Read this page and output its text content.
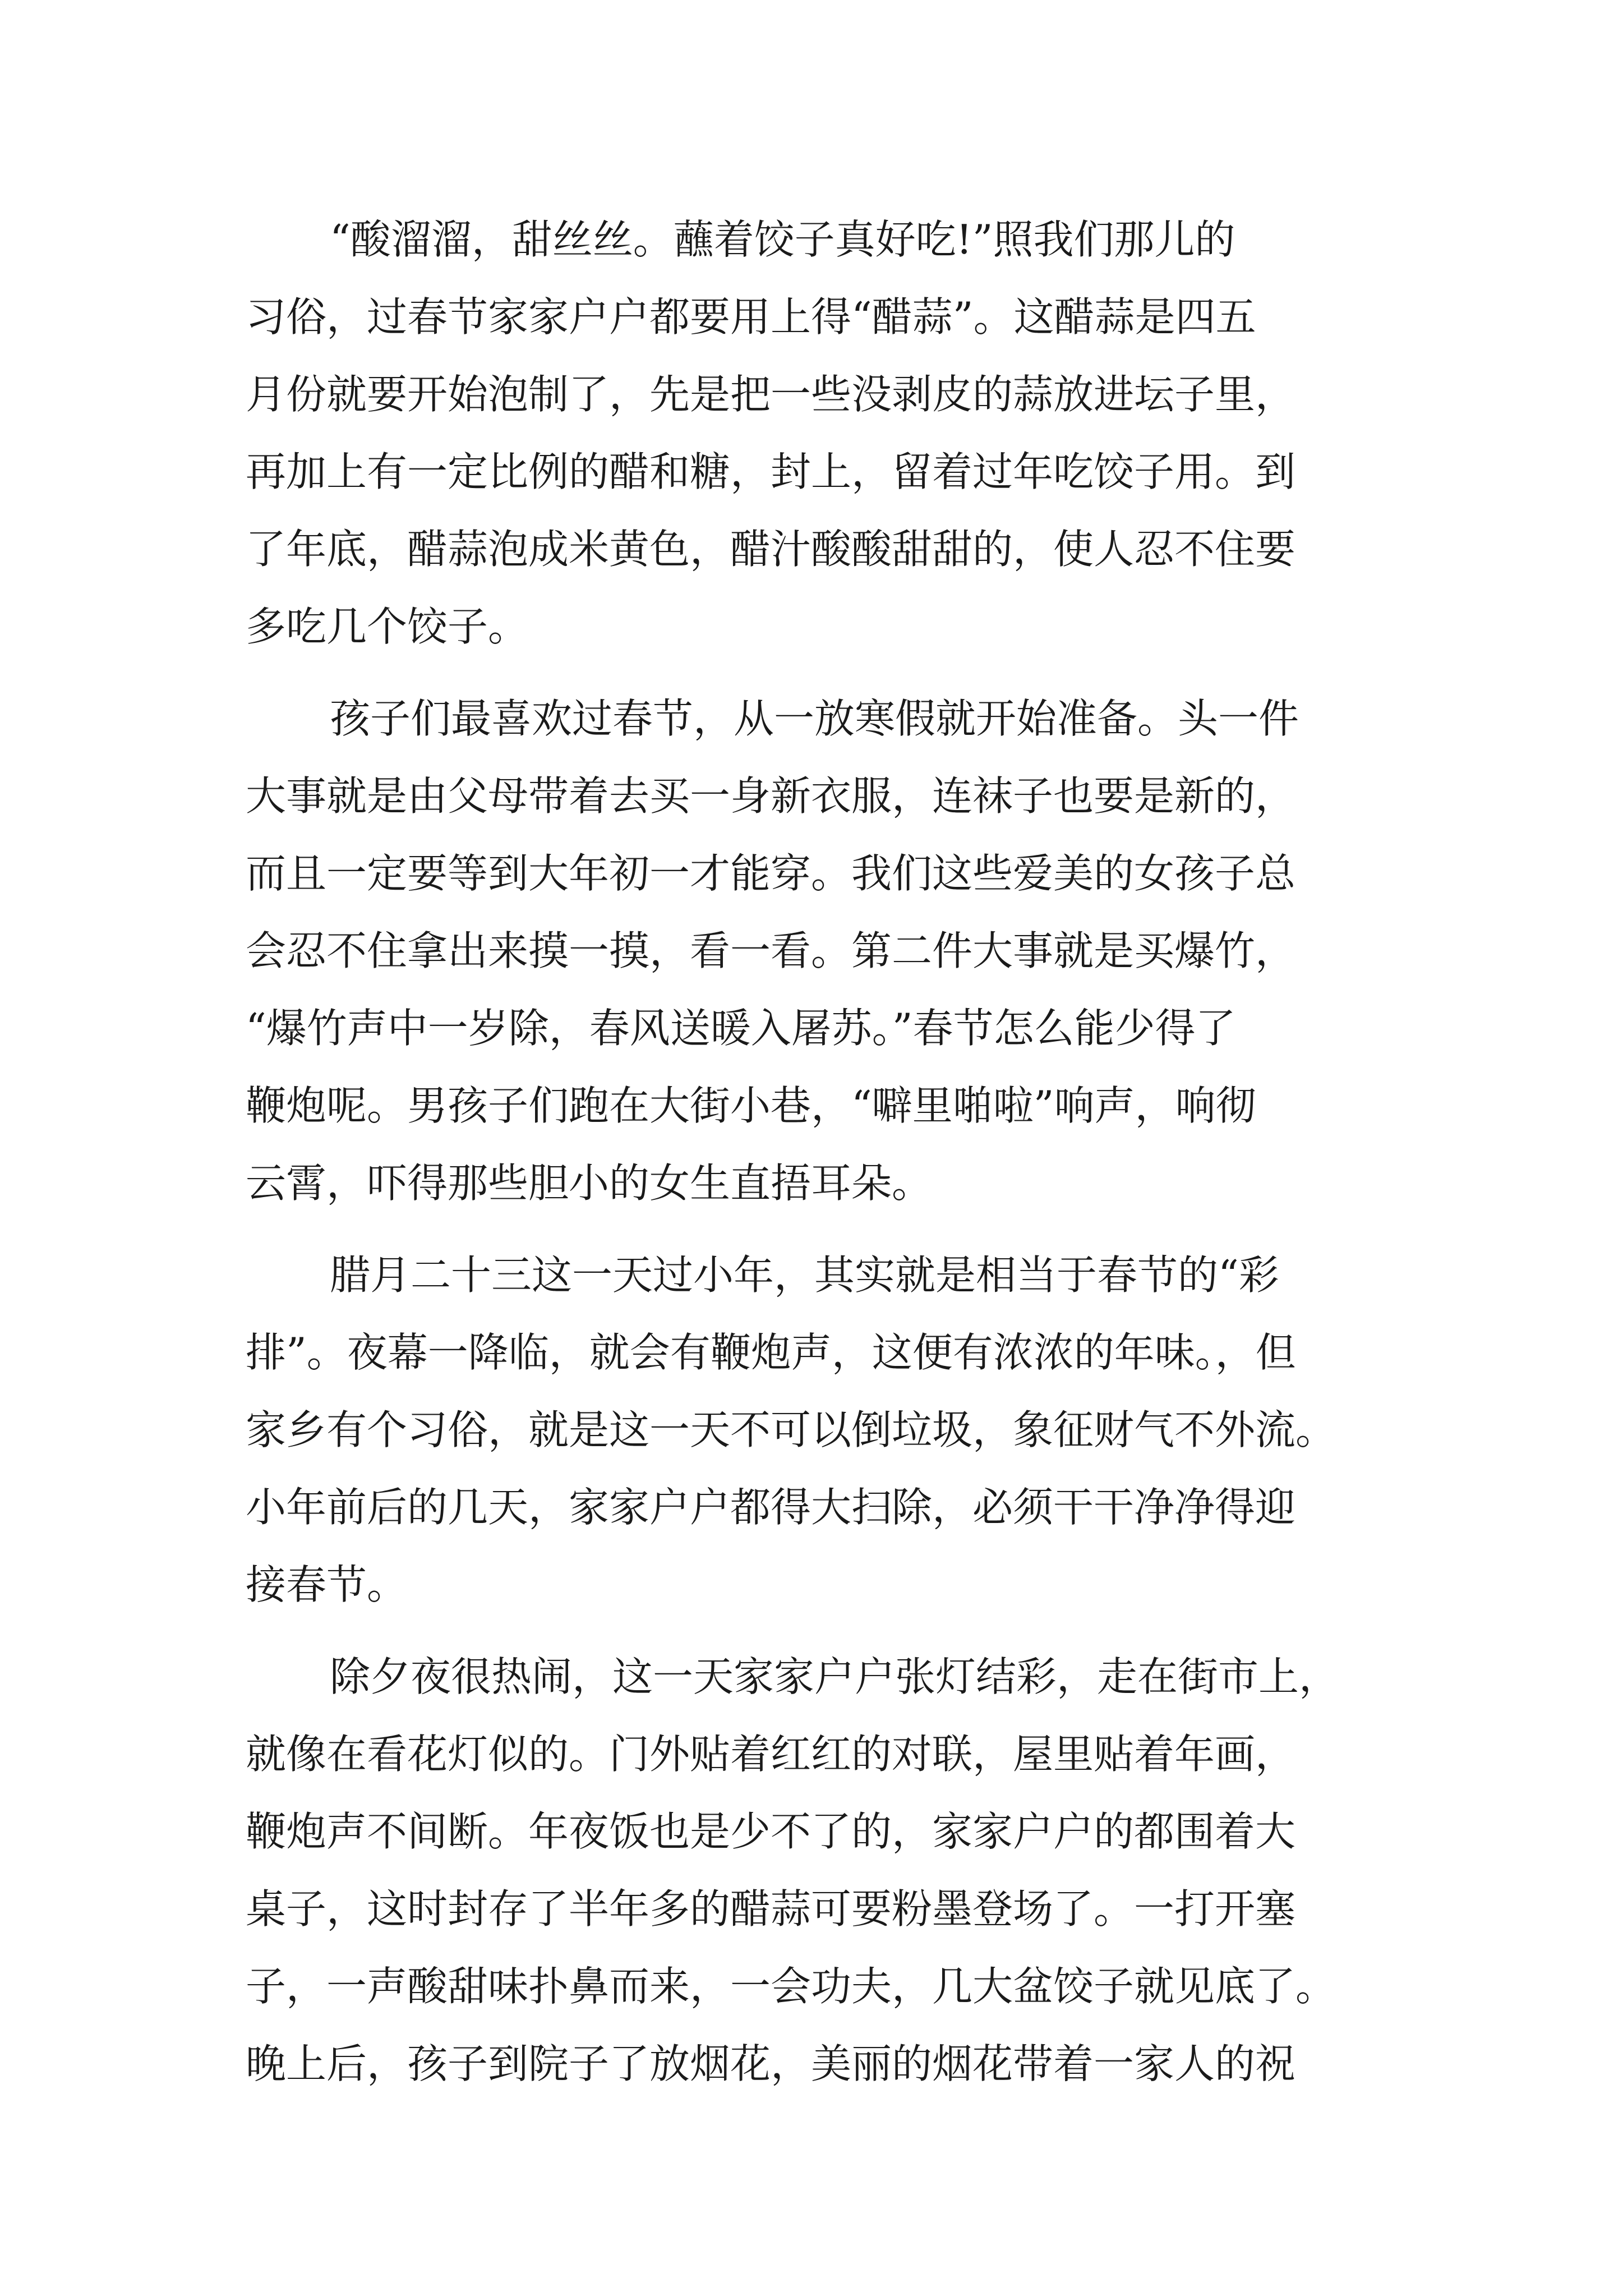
“酸溜溜，甜丝丝。蘸着饺子真好吃!”照我们那儿的
习俗，过春节家家户户都要用上得“醋蒜”。这醋蒜是四五
月份就要开始泡制了，先是把一些没剥皮的蒜放进坛子里，
再加上有一定比例的醋和糖，封上，留着过年吃饺子用。到
了年底，醋蒜泡成米黄色，醋汁酸酸甜甜的，使人忍不住要
多吃几个饺子。
孩子们最喜欢过春节，从一放寒假就开始准备。头一件
大事就是由父母带着去买一身新衣服，连袜子也要是新的，
而且一定要等到大年初一才能穿。我们这些爱美的女孩子总
会忍不住拿出来摸一摸，看一看。第二件大事就是买爆竹，
“爆竹声中一岁除，春风送暖入屠苏。”春节怎么能少得了
鞭炮呢。男孩子们跑在大街小巷，“噼里啪啦”响声，响彻
云霄，吓得那些胆小的女生直捂耳朵。
腊月二十三这一天过小年，其实就是相当于春节的“彩
排”。夜幕一降临，就会有鞭炮声，这便有浓浓的年味。，但
家乡有个习俗，就是这一天不可以倒垃圾，象征财气不外流。
小年前后的几天，家家户户都得大扫除，必须干干净净得迎
接春节。
除夕夜很热闹，这一天家家户户张灯结彩，走在街市上，
就像在看花灯似的。门外贴着红红的对联，屋里贴着年画，
鞭炮声不间断。年夜饭也是少不了的，家家户户的都围着大
桌子，这时封存了半年多的醋蒜可要粉墨登场了。一打开塞
子，一声酸甜味扑鼻而来，一会功夫，几大盆饺子就见底了。
晚上后，孩子到院子了放烟花，美丽的烟花带着一家人的祝
